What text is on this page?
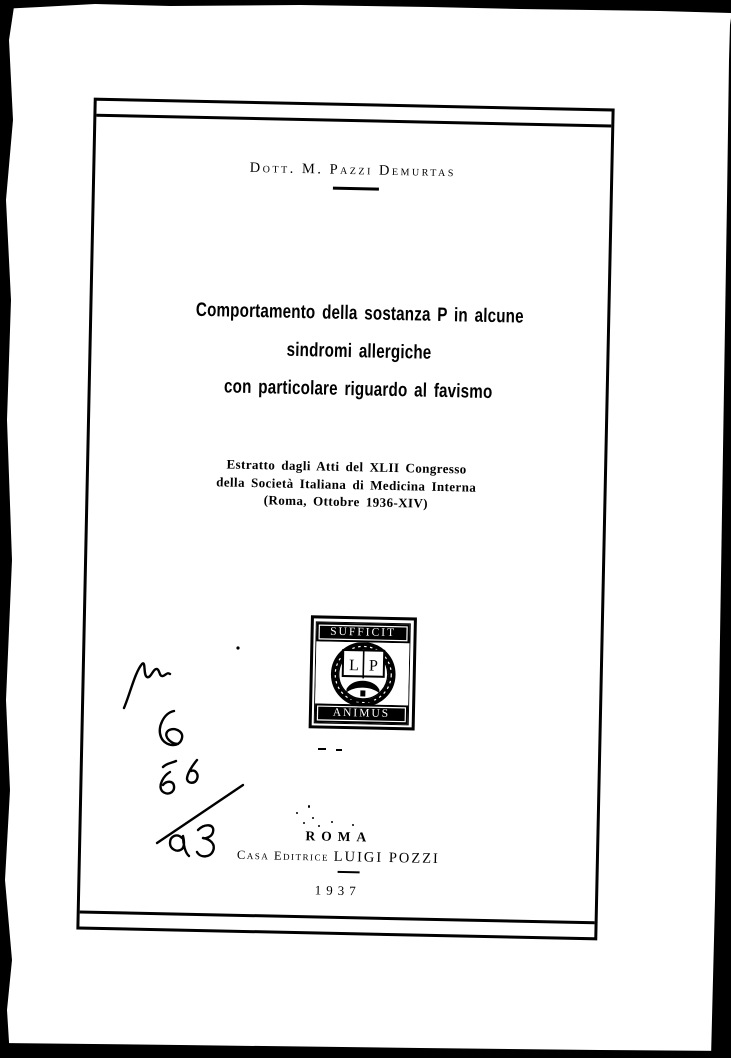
Dott. M. Pazzi Demurtas
Comportamento della sostanza P in alcune sindromi allergiche
con particolare riguardo al favismo
Estratto dagli Atti del XLII Congresso
della Società Italiana di Medicina Interna
(Roma, Ottobre 1936-XIV)
SUFFICIT
L P
ANIMUS
ROMA
Casa Editrice LUIGI POZZI
1937
